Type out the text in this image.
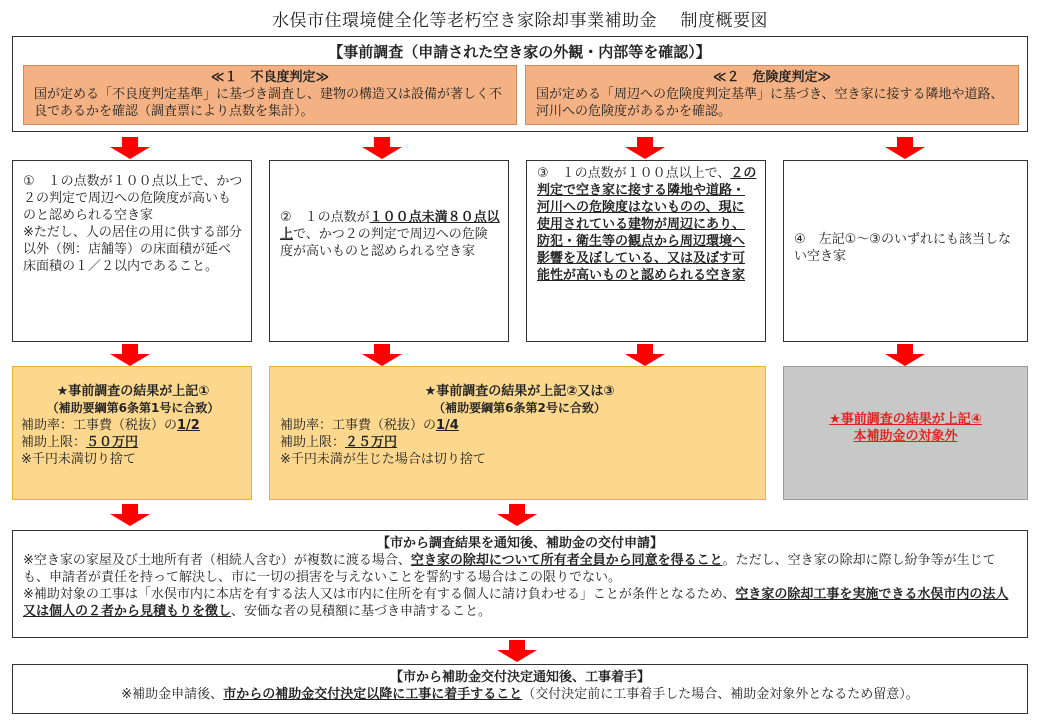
水俣市住環境健全化等老朽空き家除却事業補助金　 制度概要図
【事前調査（申請された空き家の外観・内部等を確認）】
≪１　不良度判定≫
国が定める「不良度判定基準」に基づき調査し、建物の構造又は設備が著しく不良であるかを確認（調査票により点数を集計）。
≪２　危険度判定≫
国が定める「周辺への危険度判定基準」に基づき、空き家に接する隣地や道路、河川への危険度があるかを確認。
①　１の点数が１００点以上で、かつ２の判定で周辺への危険度が高いものと認められる空き家
※ただし、人の居住の用に供する部分以外（例：店舗等）の床面積が延べ床面積の１／２以内であること。
②　１の点数が１００点未満８０点以上で、かつ２の判定で周辺への危険度が高いものと認められる空き家
③　１の点数が１００点以上で、２の判定で空き家に接する隣地や道路・河川への危険度はないものの、現に使用されている建物が周辺にあり、防犯・衛生等の観点から周辺環境へ影響を及ぼしている、又は及ぼす可能性が高いものと認められる空き家
④　左記①～③のいずれにも該当しない空き家
★事前調査の結果が上記①
（補助要綱第6条第1号に合致）
補助率：工事費（税抜）の1/2
補助上限：５０万円
※千円未満切り捨て
★事前調査の結果が上記②又は③
（補助要綱第6条第2号に合致）
補助率：工事費（税抜）の1/4
補助上限：２５万円
※千円未満が生じた場合は切り捨て
★事前調査の結果が上記④
本補助金の対象外
【市から調査結果を通知後、補助金の交付申請】
※空き家の家屋及び土地所有者（相続人含む）が複数に渡る場合、空き家の除却について所有者全員から同意を得ること。ただし、空き家の除却に際し紛争等が生じても、申請者が責任を持って解決し、市に一切の損害を与えないことを誓約する場合はこの限りでない。
※補助対象の工事は「水俣市内に本店を有する法人又は市内に住所を有する個人に請け負わせる」ことが条件となるため、空き家の除却工事を実施できる水俣市内の法人又は個人の２者から見積もりを徴し、安価な者の見積額に基づき申請すること。
【市から補助金交付決定通知後、工事着手】
※補助金申請後、市からの補助金交付決定以降に工事に着手すること（交付決定前に工事着手した場合、補助金対象外となるため留意）。
